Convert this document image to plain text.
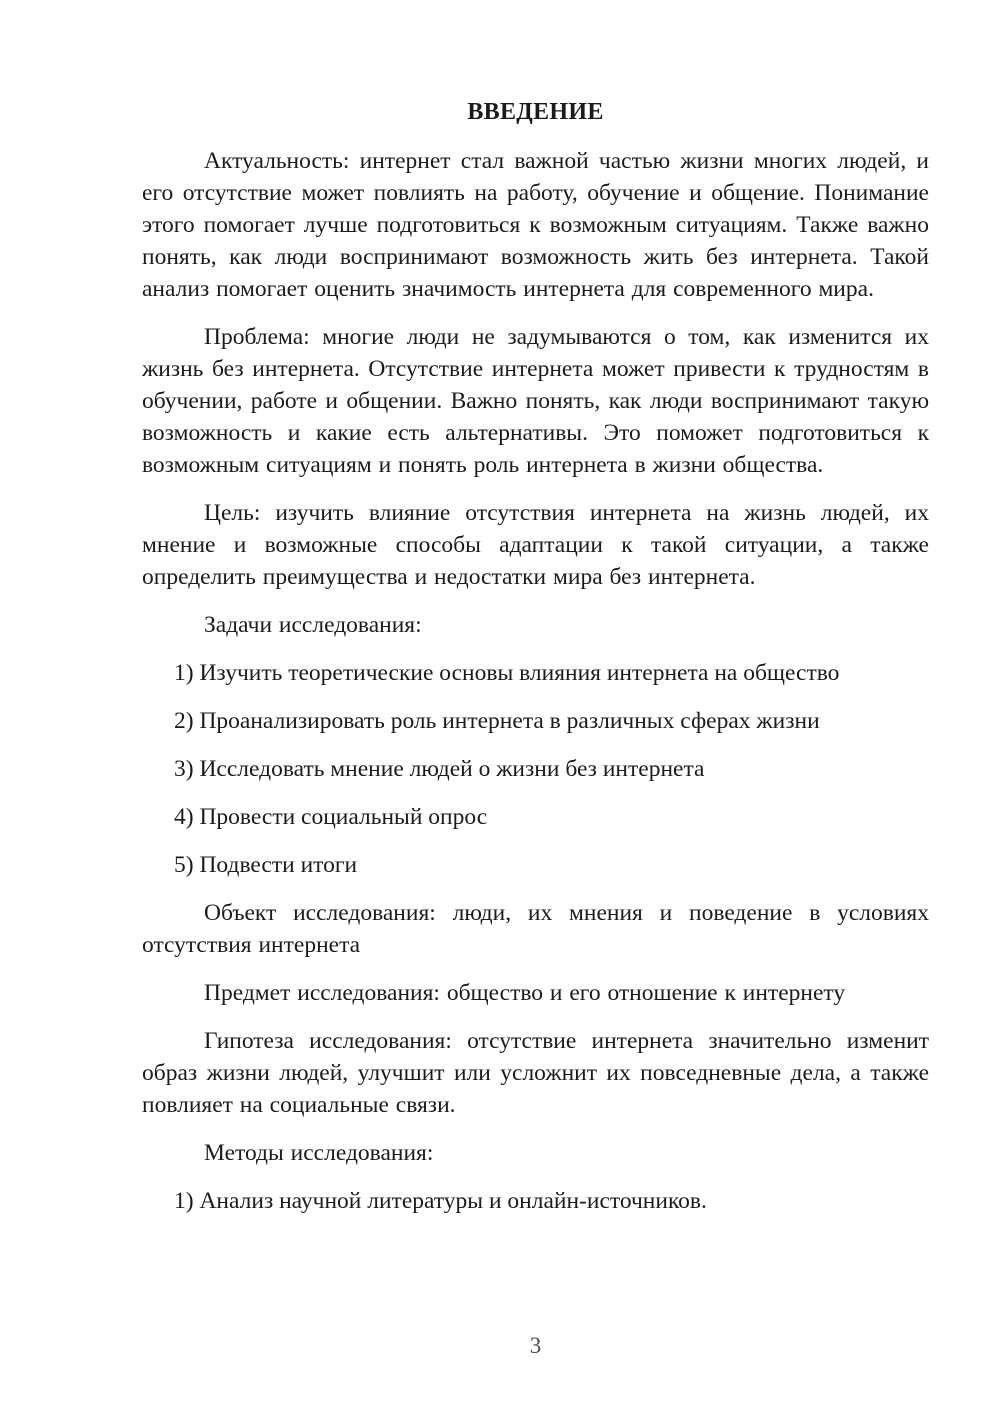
ВВЕДЕНИЕ

Актуальность: интернет стал важной частью жизни многих людей, и его отсутствие может повлиять на работу, обучение и общение. Понимание этого помогает лучше подготовиться к возможным ситуациям. Также важно понять, как люди воспринимают возможность жить без интернета. Такой анализ помогает оценить значимость интернета для современного мира.

Проблема: многие люди не задумываются о том, как изменится их жизнь без интернета. Отсутствие интернета может привести к трудностям в обучении, работе и общении. Важно понять, как люди воспринимают такую возможность и какие есть альтернативы. Это поможет подготовиться к возможным ситуациям и понять роль интернета в жизни общества.

Цель: изучить влияние отсутствия интернета на жизнь людей, их мнение и возможные способы адаптации к такой ситуации, а также определить преимущества и недостатки мира без интернета.

Задачи исследования:

1) Изучить теоретические основы влияния интернета на общество
2) Проанализировать роль интернета в различных сферах жизни
3) Исследовать мнение людей о жизни без интернета
4) Провести социальный опрос
5) Подвести итоги

Объект исследования: люди, их мнения и поведение в условиях отсутствия интернета

Предмет исследования: общество и его отношение к интернету

Гипотеза исследования: отсутствие интернета значительно изменит образ жизни людей, улучшит или усложнит их повседневные дела, а также повлияет на социальные связи.

Методы исследования:

1) Анализ научной литературы и онлайн-источников.
3
